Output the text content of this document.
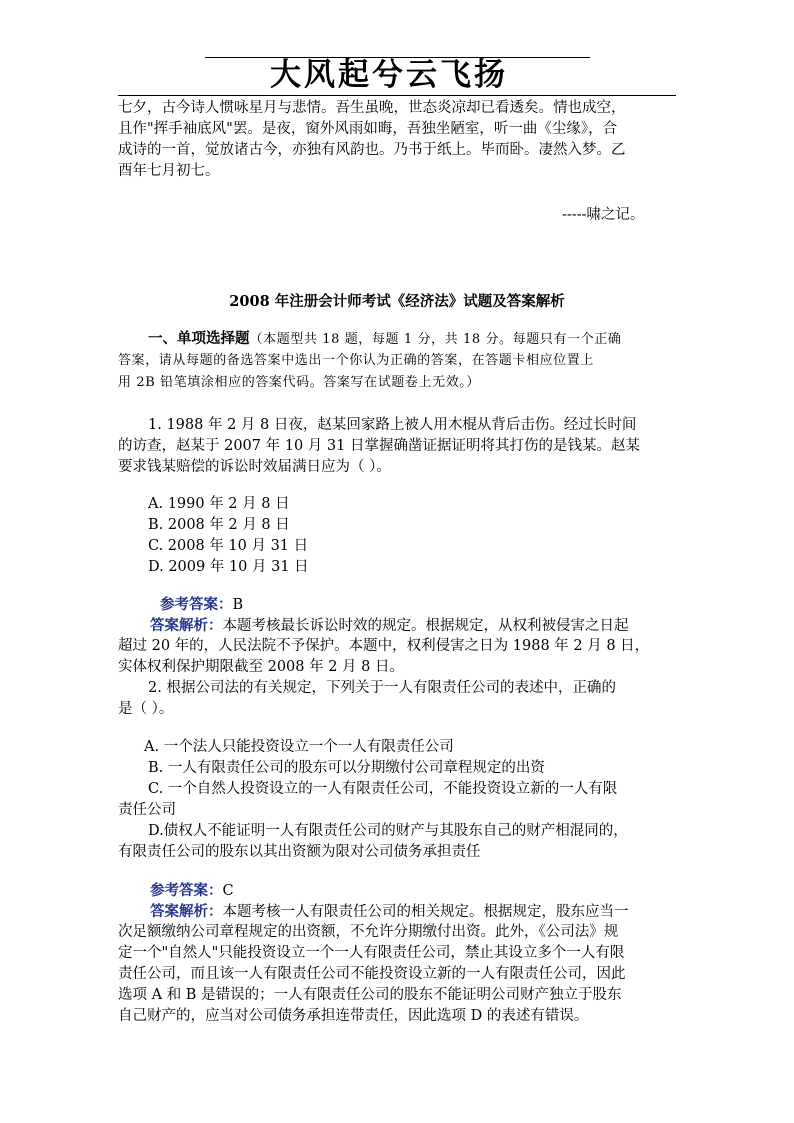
大风起兮云飞扬
七夕，古今诗人惯咏星月与悲情。吾生虽晚，世态炎凉却已看透矣。情也成空，
且作"挥手袖底风"罢。是夜，窗外风雨如晦，吾独坐陋室，听一曲《尘缘》，合
成诗的一首，觉放诸古今，亦独有风韵也。乃书于纸上。毕而卧。凄然入梦。乙
酉年七月初七。
-----啸之记。
2008 年注册会计师考试《经济法》试题及答案解析
一、单项选择题（本题型共 18 题，每题 1 分，共 18 分。每题只有一个正确
答案，请从每题的备选答案中选出一个你认为正确的答案，在答题卡相应位置上
用 2B 铅笔填涂相应的答案代码。答案写在试题卷上无效。）
1. 1988 年 2 月 8 日夜，赵某回家路上被人用木棍从背后击伤。经过长时间
的访查，赵某于 2007 年 10 月 31 日掌握确凿证据证明将其打伤的是钱某。赵某
要求钱某赔偿的诉讼时效届满日应为（ ）。
A. 1990 年 2 月 8 日
B. 2008 年 2 月 8 日
C. 2008 年 10 月 31 日
D. 2009 年 10 月 31 日
参考答案：B
答案解析：本题考核最长诉讼时效的规定。根据规定，从权利被侵害之日起
超过 20 年的，人民法院不予保护。本题中，权利侵害之日为 1988 年 2 月 8 日，
实体权利保护期限截至 2008 年 2 月 8 日。
2. 根据公司法的有关规定，下列关于一人有限责任公司的表述中，正确的
是（ ）。
A. 一个法人只能投资设立一个一人有限责任公司
B. 一人有限责任公司的股东可以分期缴付公司章程规定的出资
C. 一个自然人投资设立的一人有限责任公司，不能投资设立新的一人有限
责任公司
D.债权人不能证明一人有限责任公司的财产与其股东自己的财产相混同的，
有限责任公司的股东以其出资额为限对公司债务承担责任
参考答案：C
答案解析：本题考核一人有限责任公司的相关规定。根据规定，股东应当一
次足额缴纳公司章程规定的出资额，不允许分期缴付出资。此外，《公司法》规
定一个"自然人"只能投资设立一个一人有限责任公司，禁止其设立多个一人有限
责任公司，而且该一人有限责任公司不能投资设立新的一人有限责任公司，因此
选项 A 和 B 是错误的；一人有限责任公司的股东不能证明公司财产独立于股东
自己财产的，应当对公司债务承担连带责任，因此选项 D 的表述有错误。
